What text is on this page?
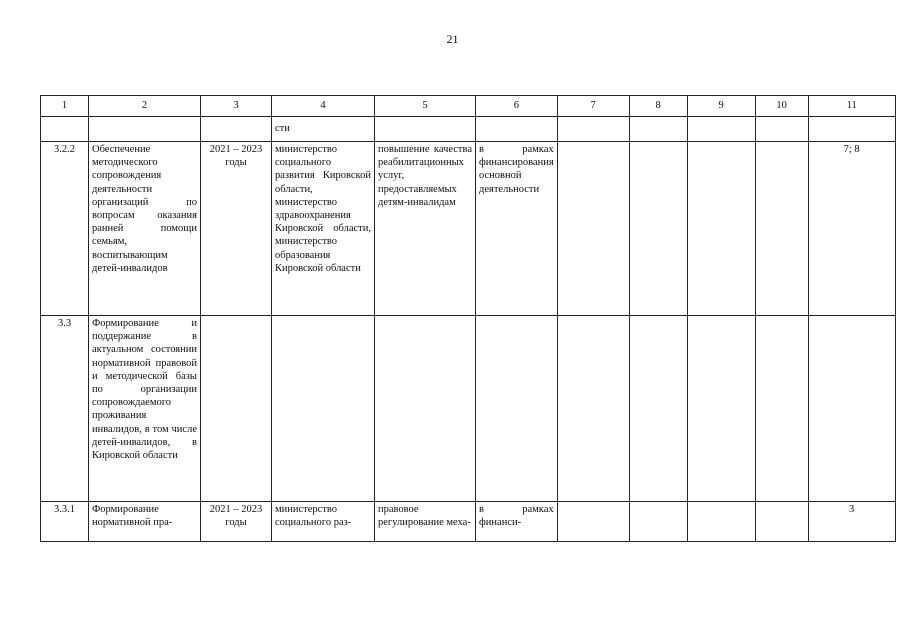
21
1	2	3	4	5	6	7	8	9	10	11
			сти							
3.2.2	Обеспечение методического сопровождения деятельности организаций по вопросам оказания ранней помощи семьям, воспитывающим детей-инвалидов	2021 – 2023 годы	министерство социального развития Кировской области, министерство здравоохранения Кировской области, министерство образования Кировской области	повышение качества реабилитационных услуг, предоставляемых детям-инвалидам	в рамках финансирования основной деятельности					7; 8
3.3	Формирование и поддержание в актуальном состоянии нормативной правовой и методической базы по организации сопровождаемого проживания инвалидов, в том числе детей-инвалидов, в Кировской области									
3.3.1	Формирование нормативной пра-	2021 – 2023 годы	министерство социального раз-	правовое регулирование меха-	в рамках финанси-					3
